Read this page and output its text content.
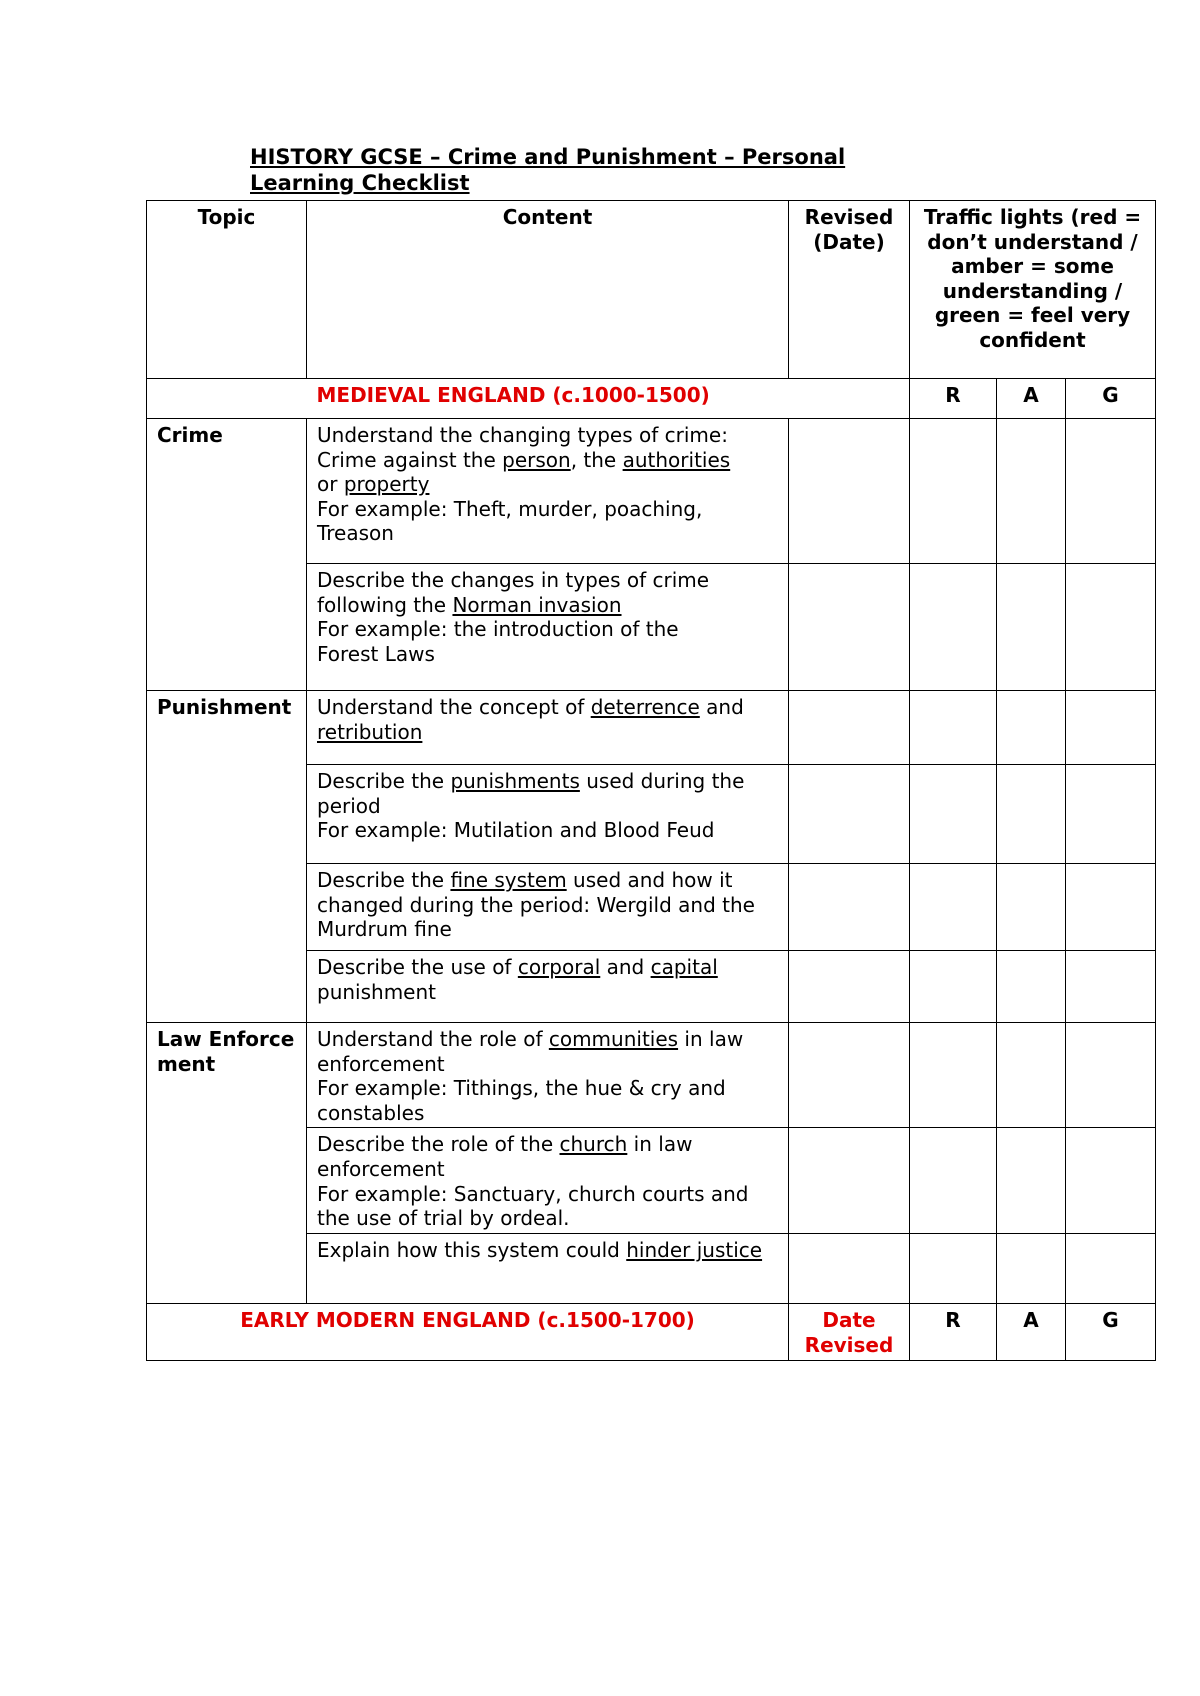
HISTORY GCSE – Crime and Punishment – Personal Learning Checklist
Topic	Content	Revised (Date)	Traffic lights (red = don’t understand / amber = some understanding / green = feel very confident		
	MEDIEVAL ENGLAND (c.1000-1500)		R	A	G
Crime	Understand the changing types of crime:
Crime against the person, the authorities
or property
For example: Theft, murder, poaching,
Treason				

	Describe the changes in types of crime
following the Norman invasion
For example: the introduction of the
Forest Laws				

Punishment	Understand the concept of deterrence and retribution				

	Describe the punishments used during the period
For example: Mutilation and Blood Feud				

	Describe the fine system used and how it changed during the period: Wergild and the Murdrum fine				
	Describe the use of corporal and capital punishment				
Law Enforcement	Understand the role of communities in law enforcement
For example: Tithings, the hue & cry and constables				

	Describe the role of the church in law enforcement
For example: Sanctuary, church courts and the use of trial by ordeal.				

	Explain how this system could hinder justice				
EARLY MODERN ENGLAND (c.1500-1700)		Date Revised	R	A	G
